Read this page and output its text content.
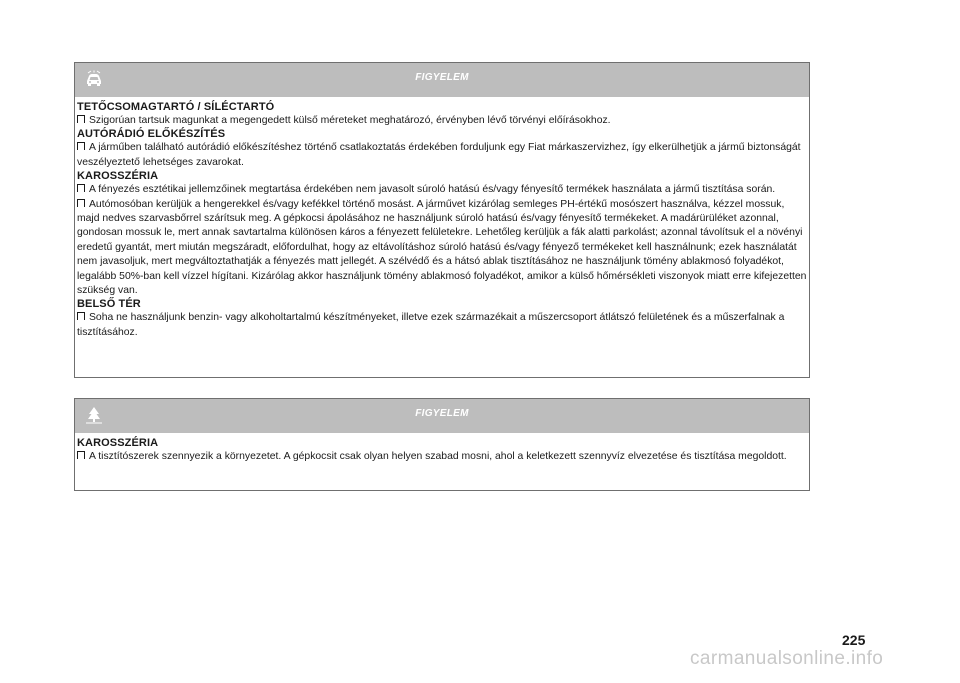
FIGYELEM

TETŐCSOMAGTARTÓ / SÍLÉCTARTÓ

Szigorúan tartsuk magunkat a megengedett külső méreteket meghatározó, érvényben lévő törvényi előírásokhoz.

AUTÓRÁDIÓ ELŐKÉSZÍTÉS

A járműben található autórádió előkészítéshez történő csatlakoztatás érdekében forduljunk egy Fiat márkaszervizhez, így elkerülhetjük a jármű biztonságát veszélyeztető lehetséges zavarokat.

KAROSSZÉRIA

A fényezés esztétikai jellemzőinek megtartása érdekében nem javasolt súroló hatású és/vagy fényesítő termékek használata a jármű tisztítása során.

Autómosóban kerüljük a hengerekkel és/vagy kefékkel történő mosást. A járművet kizárólag semleges PH-értékű mosószert használva, kézzel mossuk, majd nedves szarvasbőrrel szárítsuk meg. A gépkocsi ápolásához ne használjunk súroló hatású és/vagy fényesítő termékeket. A madárürüléket azonnal, gondosan mossuk le, mert annak savtartalma különösen káros a fényezett felületekre. Lehetőleg kerüljük a fák alatti parkolást; azonnal távolítsuk el a növényi eredetű gyantát, mert miután megszáradt, előfordulhat, hogy az eltávolításhoz súroló hatású és/vagy fényező termékeket kell használnunk; ezek használatát nem javasoljuk, mert megváltoztathatják a fényezés matt jellegét. A szélvédő és a hátsó ablak tisztításához ne használjunk tömény ablakmosó folyadékot, legalább 50%-ban kell vízzel hígítani. Kizárólag akkor használjunk tömény ablakmosó folyadékot, amikor a külső hőmérsékleti viszonyok miatt erre kifejezetten szükség van.

BELSŐ TÉR

Soha ne használjunk benzin- vagy alkoholtartalmú készítményeket, illetve ezek származékait a műszercsoport átlátszó felületének és a műszerfalnak a tisztításához.

FIGYELEM

KAROSSZÉRIA

A tisztítószerek szennyezik a környezetet. A gépkocsit csak olyan helyen szabad mosni, ahol a keletkezett szennyvíz elvezetése és tisztítása megoldott.

225
carmanualsonline.info
